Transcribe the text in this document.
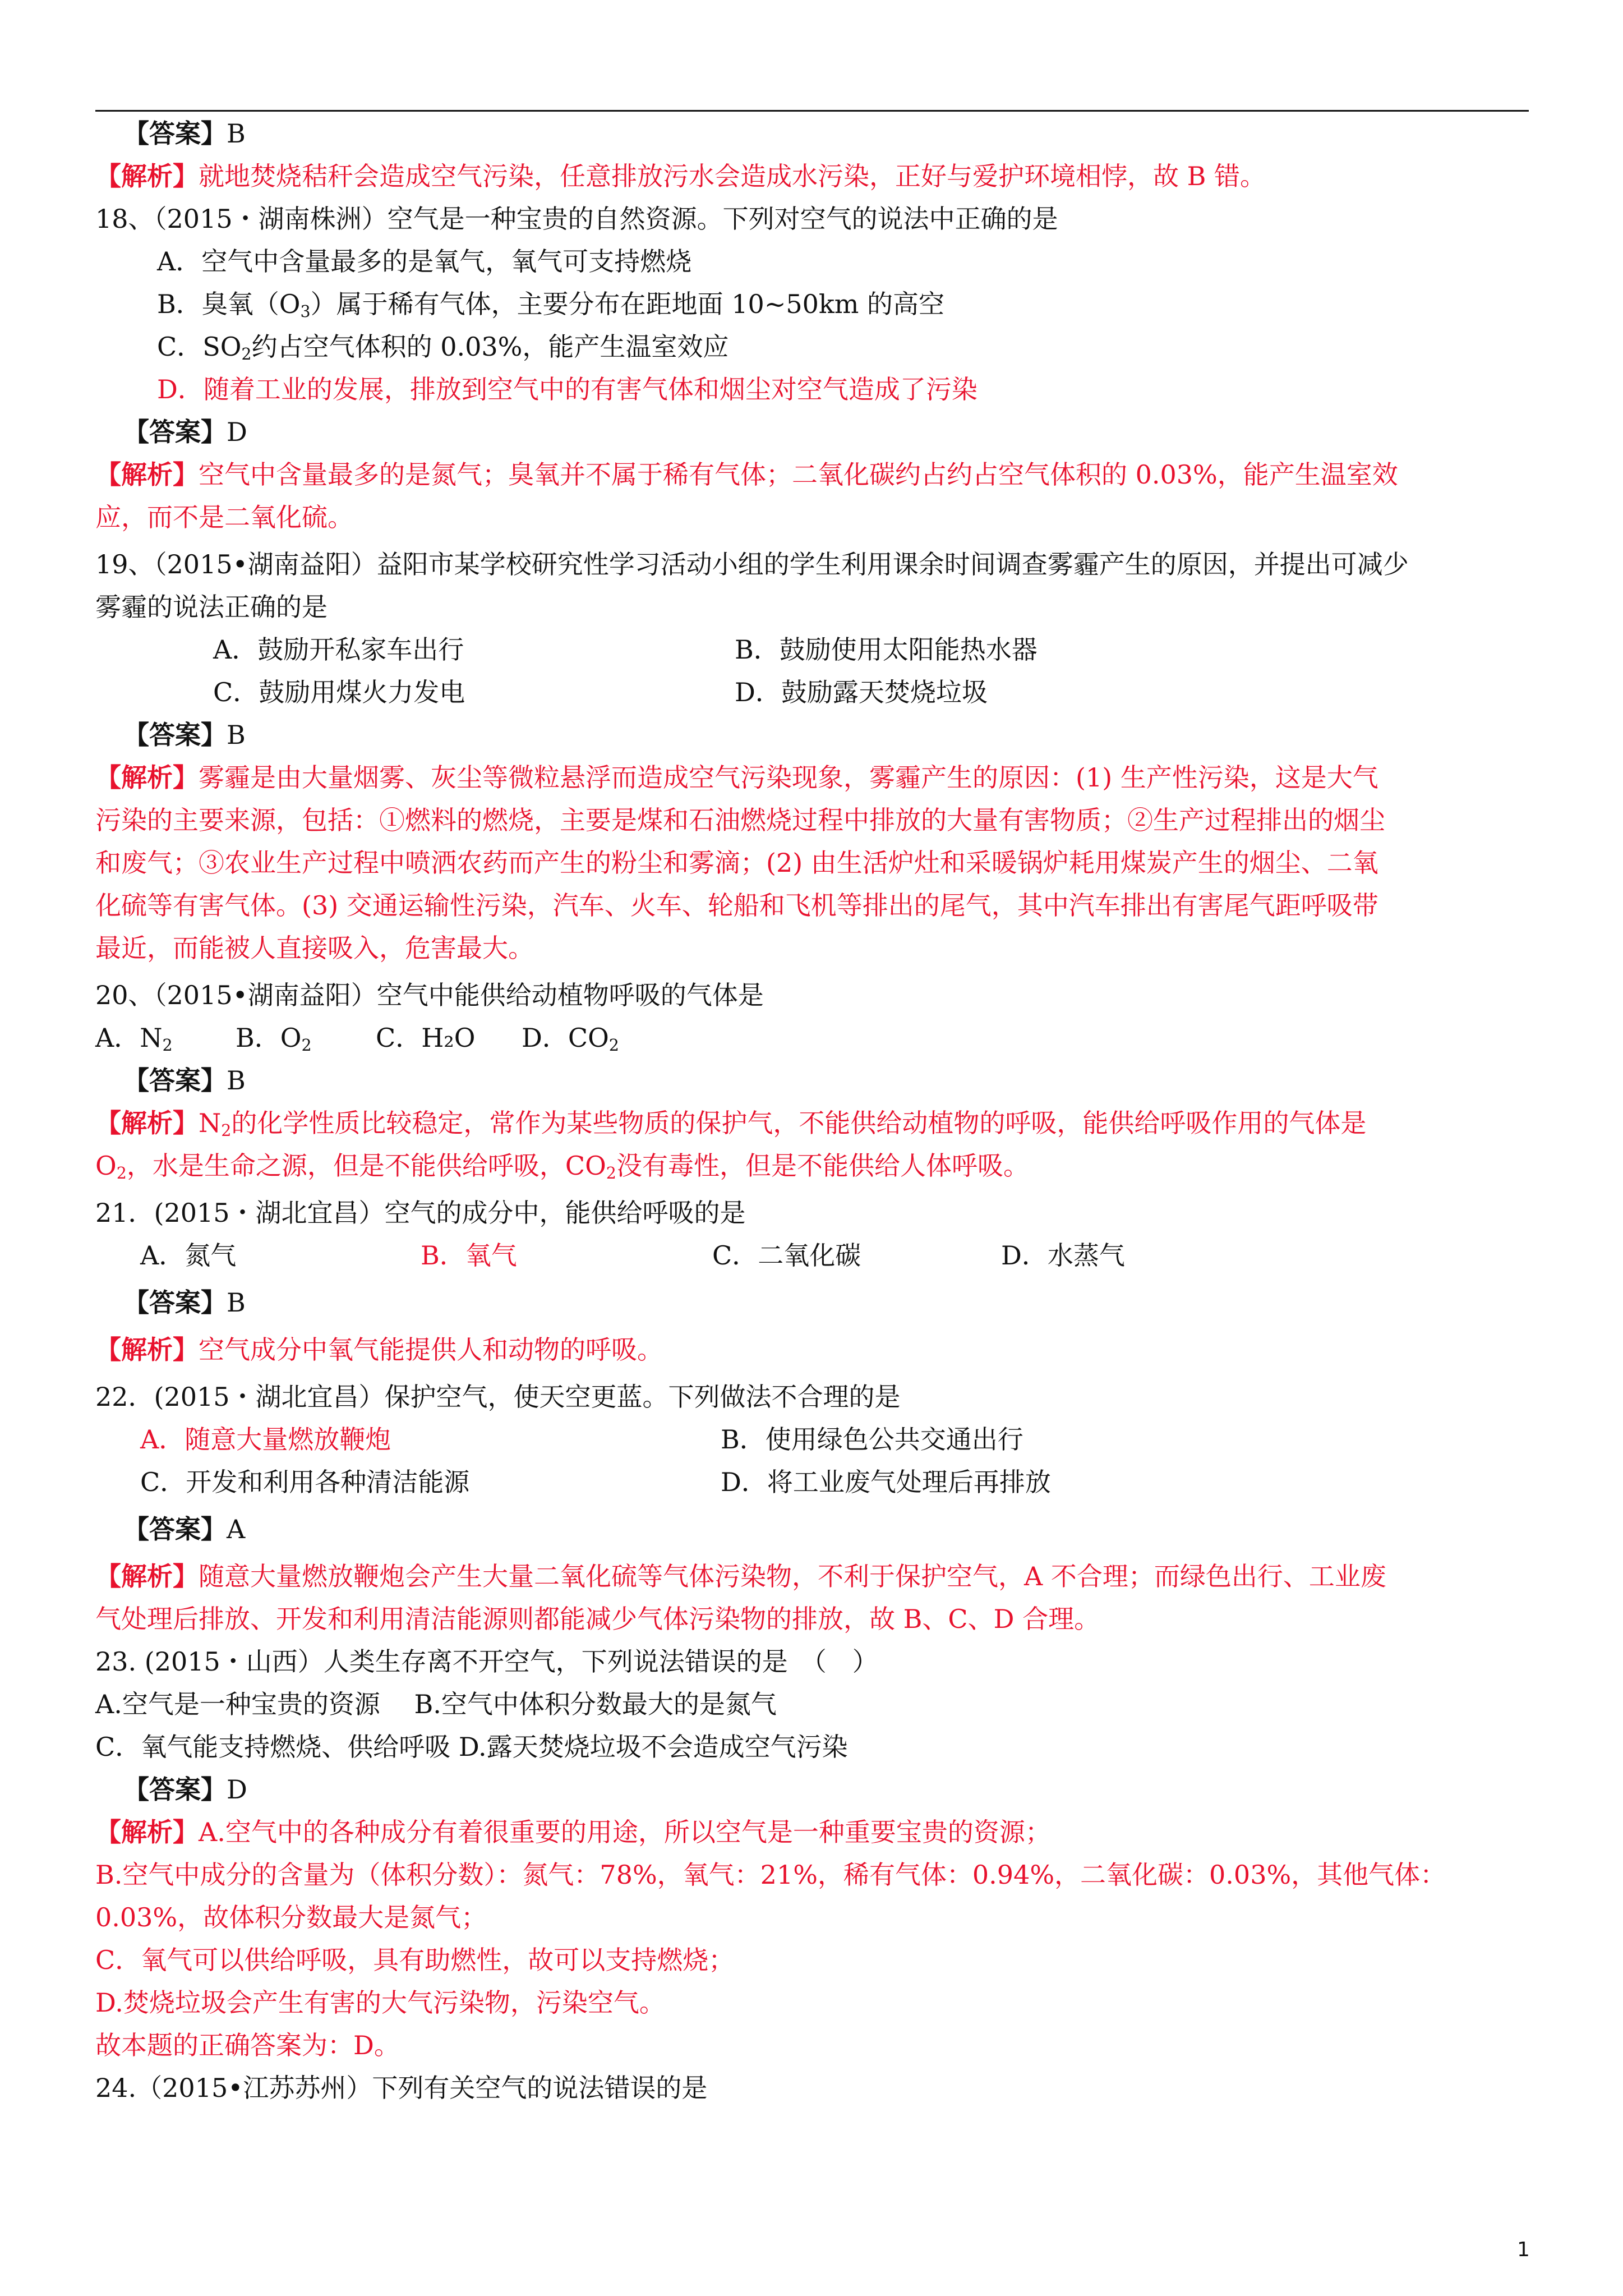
【答案】B
【解析】就地焚烧秸秆会造成空气污染，任意排放污水会造成水污染，正好与爱护环境相悖，故 B 错。
18、（2015・湖南株洲）空气是一种宝贵的自然资源。下列对空气的说法中正确的是
A．空气中含量最多的是氧气，氧气可支持燃烧
B．臭氧$(O_3)$属于稀有气体，主要分布在距地面 10~50km 的高空
C．$SO_2$约占空气体积的 0.03%，能产生温室效应
D．随着工业的发展，排放到空气中的有害气体和烟尘对空气造成了污染
【答案】D
【解析】空气中含量最多的是氮气；臭氧并不属于稀有气体；二氧化碳约占约占空气体积的 0.03%，能产生温室效
应，而不是二氧化硫。
19、（2015•湖南益阳）益阳市某学校研究性学习活动小组的学生利用课余时间调查雾霾产生的原因，并提出可减少
雾霾的说法正确的是
A．鼓励开私家车出行	B．鼓励使用太阳能热水器
C．鼓励用煤火力发电	D．鼓励露天焚烧垃圾
【答案】B
【解析】雾霾是由大量烟雾、灰尘等微粒悬浮而造成空气污染现象，雾霾产生的原因：(1) 生产性污染，这是大气
污染的主要来源，包括：①燃料的燃烧，主要是煤和石油燃烧过程中排放的大量有害物质；②生产过程排出的烟尘
和废气；③农业生产过程中喷洒农药而产生的粉尘和雾滴；(2) 由生活炉灶和采暖锅炉耗用煤炭产生的烟尘、二氧
化硫等有害气体。(3) 交通运输性污染，汽车、火车、轮船和飞机等排出的尾气，其中汽车排出有害尾气距呼吸带
最近，而能被人直接吸入，危害最大。
20、（2015•湖南益阳）空气中能供给动植物呼吸的气体是
A．$N_2$ B．$O_2$ C．H₂O D．$CO_2$
【答案】B
【解析】$N_2$的化学性质比较稳定，常作为某些物质的保护气，不能供给动植物的呼吸，能供给呼吸作用的气体是
$O_2$，水是生命之源，但是不能供给呼吸，$CO_2$没有毒性，但是不能供给人体呼吸。
21．(2015・湖北宜昌）空气的成分中，能供给呼吸的是
A．氮气	B．氧气	C．二氧化碳	D．水蒸气
【答案】B
【解析】空气成分中氧气能提供人和动物的呼吸。
22．(2015・湖北宜昌）保护空气，使天空更蓝。下列做法不合理的是
A．随意大量燃放鞭炮	B．使用绿色公共交通出行
C．开发和利用各种清洁能源	D．将工业废气处理后再排放
【答案】A
【解析】随意大量燃放鞭炮会产生大量二氧化硫等气体污染物，不利于保护空气，A 不合理；而绿色出行、工业废
气处理后排放、开发和利用清洁能源则都能减少气体污染物的排放，故 B、C、D 合理。
23. (2015・山西）人类生存离不开空气，下列说法错误的是　（　）
A.空气是一种宝贵的资源　 B.空气中体积分数最大的是氮气
C．氧气能支持燃烧、供给呼吸 D.露天焚烧垃圾不会造成空气污染
【答案】D
【解析】A.空气中的各种成分有着很重要的用途，所以空气是一种重要宝贵的资源；
B.空气中成分的含量为（体积分数）：氮气：78%，氧气：21%，稀有气体：0.94%，二氧化碳：0.03%，其他气体：
0.03%，故体积分数最大是氮气；
C．氧气可以供给呼吸，具有助燃性，故可以支持燃烧；
D.焚烧垃圾会产生有害的大气污染物，污染空气。
故本题的正确答案为：D。
24.（2015•江苏苏州）下列有关空气的说法错误的是
1
